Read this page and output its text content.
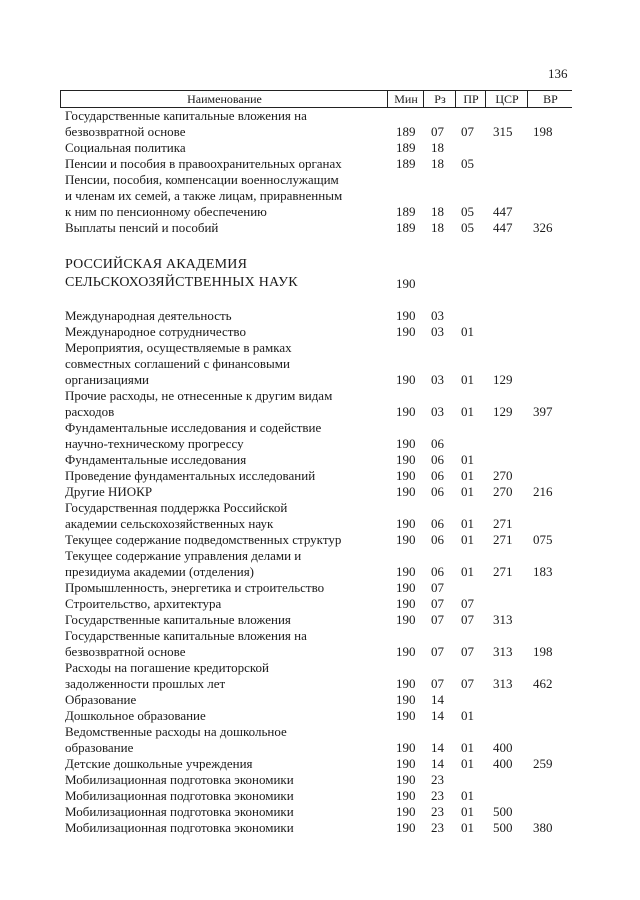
136
Наименование	Мин	Рз	ПР	ЦСР	ВР
Государственные капитальные вложения на
безвозвратной основе	189 07 07 315 198
Социальная политика	189 18
Пенсии и пособия в правоохранительных органах	189 18 05
Пенсии, пособия, компенсации военнослужащим
и членам их семей, а также лицам, приравненным
к ним по пенсионному обеспечению	189 18 05 447
Выплаты пенсий и пособий	189 18 05 447 326
РОССИЙСКАЯ АКАДЕМИЯ
СЕЛЬСКОХОЗЯЙСТВЕННЫХ НАУК	190
Международная деятельность	190 03
Международное сотрудничество	190 03 01
Мероприятия, осуществляемые в рамках
совместных соглашений с финансовыми
организациями	190 03 01 129
Прочие расходы, не отнесенные к другим видам
расходов	190 03 01 129 397
Фундаментальные исследования и содействие
научно-техническому прогрессу	190 06
Фундаментальные исследования	190 06 01
Проведение фундаментальных исследований	190 06 01 270
Другие НИОКР	190 06 01 270 216
Государственная поддержка Российской
академии сельскохозяйственных наук	190 06 01 271
Текущее содержание подведомственных структур	190 06 01 271 075
Текущее содержание управления делами и
президиума академии (отделения)	190 06 01 271 183
Промышленность, энергетика и строительство	190 07
Строительство, архитектура	190 07 07
Государственные капитальные вложения	190 07 07 313
Государственные капитальные вложения на
безвозвратной основе	190 07 07 313 198
Расходы на погашение кредиторской
задолженности прошлых лет	190 07 07 313 462
Образование	190 14
Дошкольное образование	190 14 01
Ведомственные расходы на дошкольное
образование	190 14 01 400
Детские дошкольные учреждения	190 14 01 400 259
Мобилизационная подготовка экономики	190 23
Мобилизационная подготовка экономики	190 23 01
Мобилизационная подготовка экономики	190 23 01 500
Мобилизационная подготовка экономики	190 23 01 500 380
